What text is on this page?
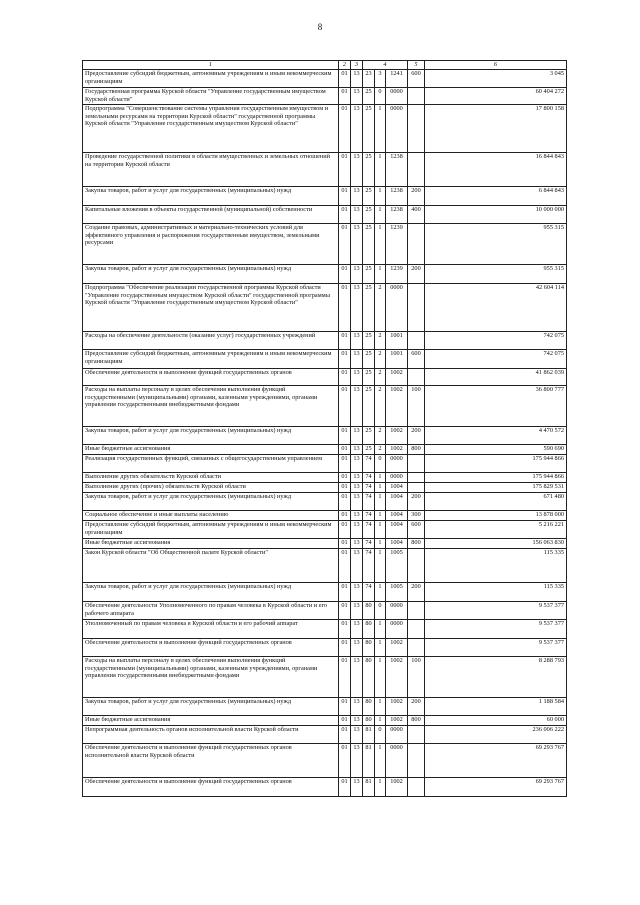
8
1	2	3	4			5	6
Предоставление субсидий бюджетным, автономным учреждениям и иным некоммерческим организациям	01	13	23	3	1241	600	3 045
Государственная программа Курской области "Управление государственным имуществом Курской области"	01	13	25	0	0000		60 404 272
Подпрограмма "Совершенствование системы управления государственным имуществом и земельными ресурсами на территории Курской области" государственной программы Курской области "Управление государственным имуществом Курской области"	01	13	25	1	0000		17 800 158
Проведение государственной политики в области имущественных и земельных отношений на территории Курской области	01	13	25	1	1238		16 844 843
Закупка товаров, работ и услуг для государственных (муниципальных) нужд	01	13	25	1	1238	200	6 844 843
Капитальные вложения в объекты государственной (муниципальной) собственности	01	13	25	1	1238	400	10 000 000
Создание правовых, административных и материально-технических условий для эффективного управления и распоряжения государственным имуществом, земельными ресурсами	01	13	25	1	1239		955 315
Закупка товаров, работ и услуг для государственных (муниципальных) нужд	01	13	25	1	1239	200	955 315
Подпрограмма "Обеспечение реализации государственной программы Курской области "Управление государственным имуществом Курской области" государственной программы Курской области "Управление государственным имуществом Курской области"	01	13	25	2	0000		42 604 114
Расходы на обеспечение деятельности (оказание услуг) государственных учреждений	01	13	25	2	1001		742 075
Предоставление субсидий бюджетным, автономным учреждениям и иным некоммерческим организациям	01	13	25	2	1001	600	742 075
Обеспечение деятельности и выполнение функций государственных органов	01	13	25	2	1002		41 862 039
Расходы на выплаты персоналу в целях обеспечения выполнения функций государственными (муниципальными) органами, казенными учреждениями, органами управления государственными внебюджетными фондами	01	13	25	2	1002	100	36 800 777
Закупка товаров, работ и услуг для государственных (муниципальных) нужд	01	13	25	2	1002	200	4 470 572
Иные бюджетные ассигнования	01	13	25	2	1002	800	590 690
Реализация государственных функций, связанных с общегосударственным управлением	01	13	74	0	0000		175 944 866
Выполнение других обязательств Курской области	01	13	74	1	0000		175 944 866
Выполнение других (прочих) обязательств Курской области	01	13	74	1	1004		175 829 531
Закупка товаров, работ и услуг для государственных (муниципальных) нужд	01	13	74	1	1004	200	671 480
Социальное обеспечение и иные выплаты населению	01	13	74	1	1004	300	13 878 000
Предоставление субсидий бюджетным, автономным учреждениям и иным некоммерческим организациям	01	13	74	1	1004	600	5 216 221
Иные бюджетные ассигнования	01	13	74	1	1004	800	156 063 830
Закон Курской области "Об Общественной палате Курской области"	01	13	74	1	1005		115 335
Закупка товаров, работ и услуг для государственных (муниципальных) нужд	01	13	74	1	1005	200	115 335
Обеспечение деятельности Уполномоченного по правам человека в Курской области и его рабочего аппарата	01	13	80	0	0000		9 537 377
Уполномоченный по правам человека в Курской области и его рабочий аппарат	01	13	80	1	0000		9 537 377
Обеспечение деятельности и выполнение функций государственных органов	01	13	80	1	1002		9 537 377
Расходы на выплаты персоналу в целях обеспечения выполнения функций государственными (муниципальными) органами, казенными учреждениями, органами управления государственными внебюджетными фондами	01	13	80	1	1002	100	8 288 793
Закупка товаров, работ и услуг для государственных (муниципальных) нужд	01	13	80	1	1002	200	1 188 584
Иные бюджетные ассигнования	01	13	80	1	1002	800	60 000
Непрограммная деятельность органов исполнительной власти Курской области	01	13	81	0	0000		236 006 222
Обеспечение деятельности и выполнение функций государственных органов исполнительной власти Курской области	01	13	81	1	0000		69 293 767
Обеспечение деятельности и выполнение функций государственных органов	01	13	81	1	1002		69 293 767
